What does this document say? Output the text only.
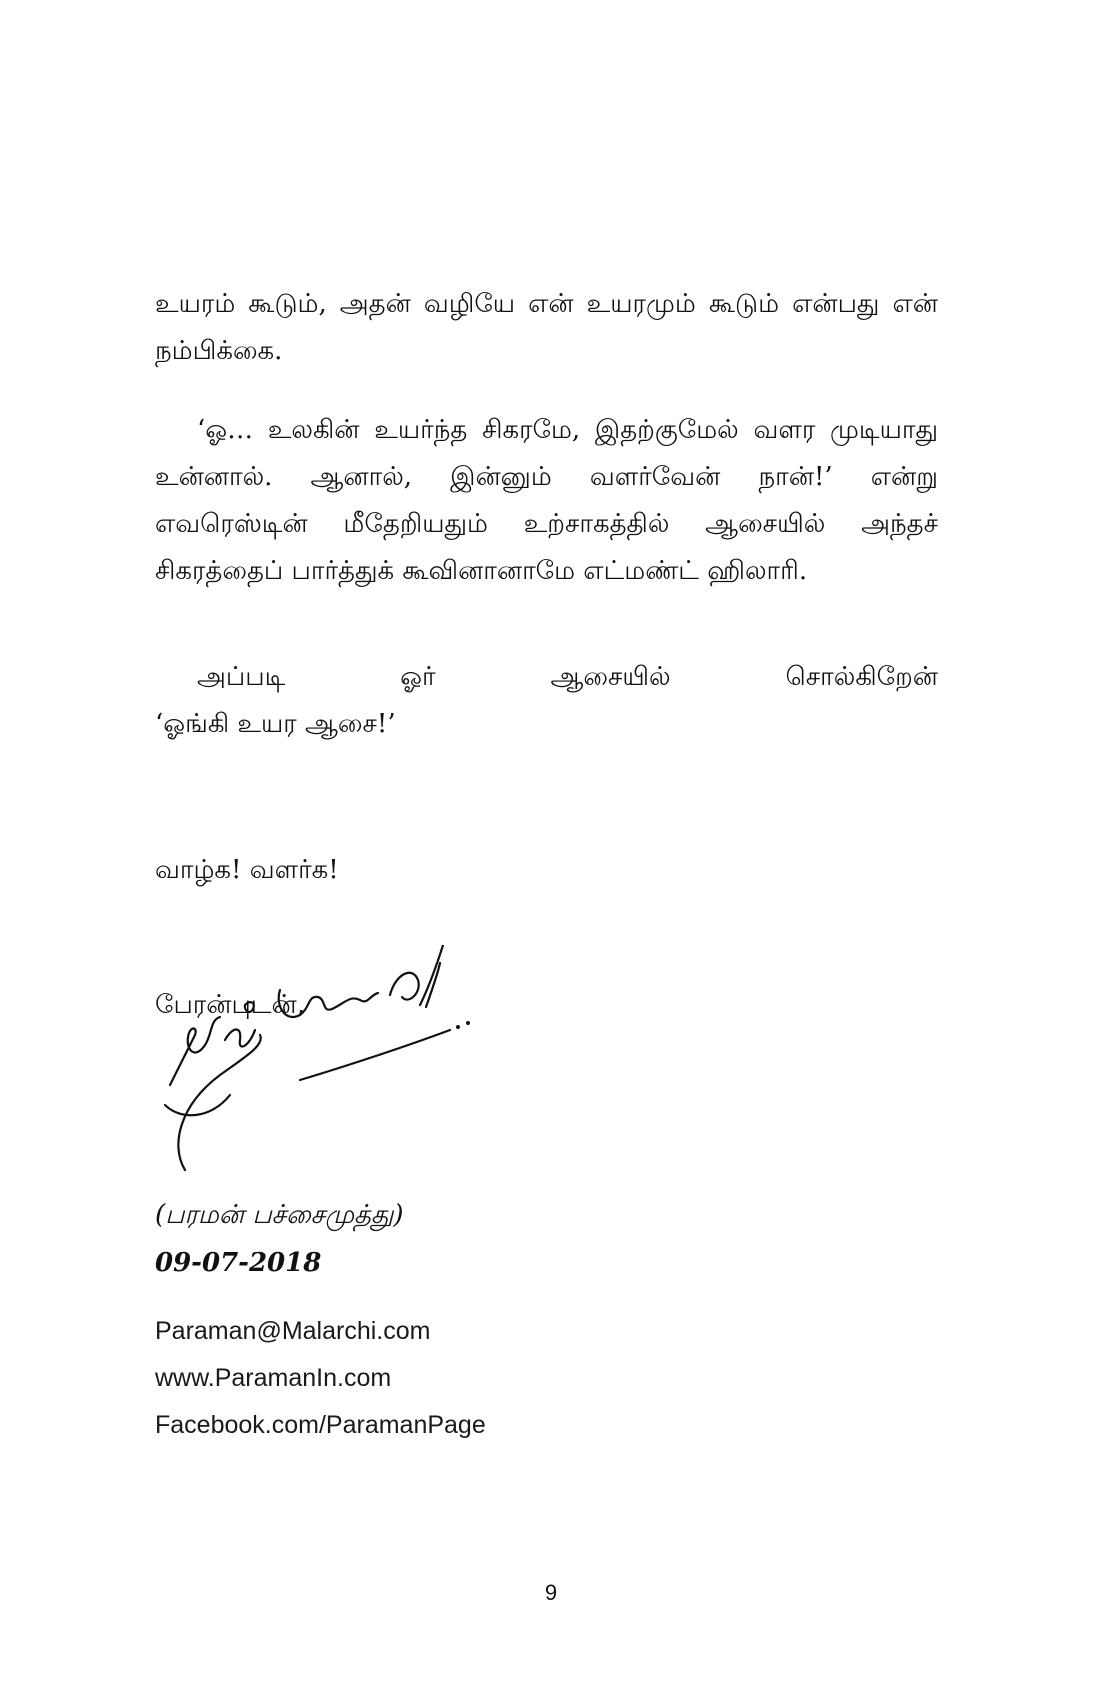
உயரம் கூடும், அதன் வழியே என் உயரமும் கூடும் என்பது என் நம்பிக்கை.

‘ஓ… உலகின் உயர்ந்த சிகரமே, இதற்குமேல் வளர முடியாது உன்னால். ஆனால், இன்னும் வளர்வேன் நான்!’ என்று எவரெஸ்டின் மீதேறியதும் உற்சாகத்தில் ஆசையில் அந்தச் சிகரத்தைப் பார்த்துக் கூவினானாமே எட்மண்ட் ஹிலாரி.

அப்படி ஓர் ஆசையில் சொல்கிறேன்

‘ஓங்கி உயர ஆசை!’

வாழ்க! வளர்க!
பேரன்புடன்,
(பரமன் பச்சைமுத்து)
09-07-2018
Paraman@Malarchi.com
www.ParamanIn.com
Facebook.com/ParamanPage
9
